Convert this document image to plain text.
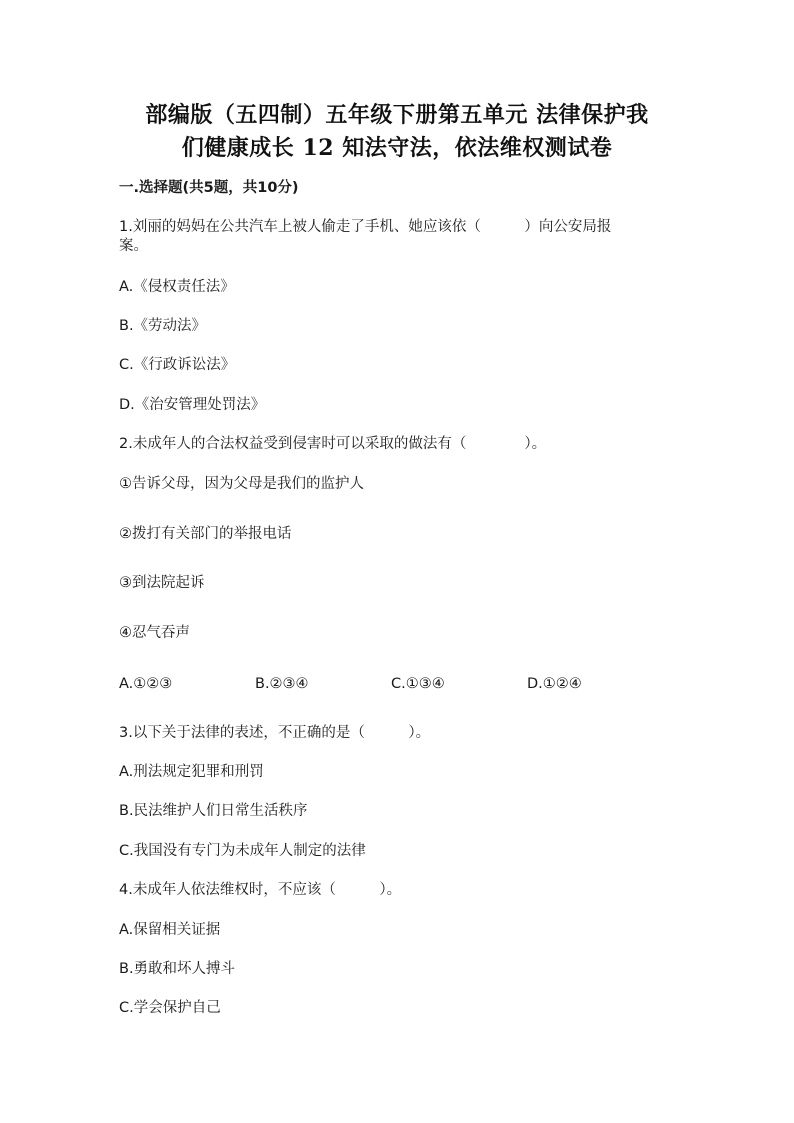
部编版（五四制）五年级下册第五单元 法律保护我
们健康成长 12 知法守法，依法维权测试卷
一.选择题(共5题，共10分)
1.刘丽的妈妈在公共汽车上被人偷走了手机、她应该依（　　　）向公安局报
案。
A.《侵权责任法》
B.《劳动法》
C.《行政诉讼法》
D.《治安管理处罚法》
2.未成年人的合法权益受到侵害时可以采取的做法有（　　　　）。
①告诉父母，因为父母是我们的监护人
②拨打有关部门的举报电话
③到法院起诉
④忍气吞声
A.①②③	B.②③④	C.①③④	D.①②④
3.以下关于法律的表述，不正确的是（　　　）。
A.刑法规定犯罪和刑罚
B.民法维护人们日常生活秩序
C.我国没有专门为未成年人制定的法律
4.未成年人依法维权时，不应该（　　　）。
A.保留相关证据
B.勇敢和坏人搏斗
C.学会保护自己
